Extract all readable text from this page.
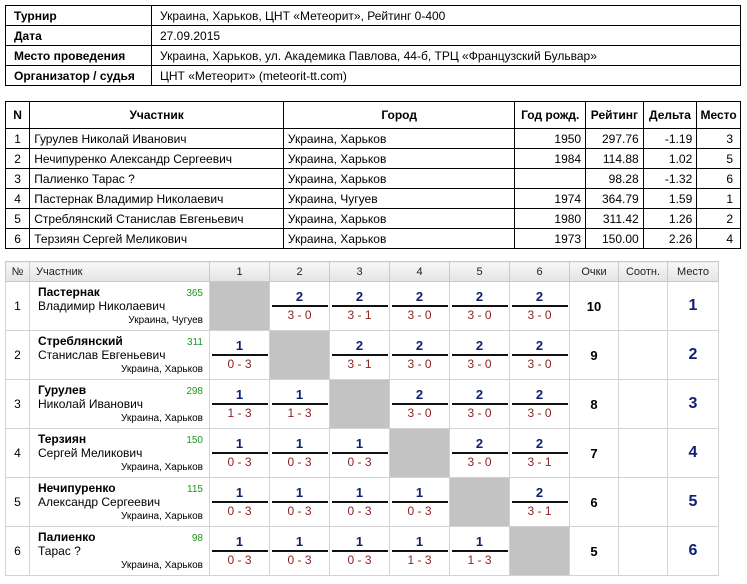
Турнир	Украина, Харьков, ЦНТ «Метеорит», Рейтинг 0-400
Дата	27.09.2015
Место проведения	Украина, Харьков, ул. Академика Павлова, 44-б, ТРЦ «Французский Бульвар»
Организатор / судья	ЦНТ «Метеорит» (meteorit-tt.com)
N	Участник	Город	Год рожд.	Рейтинг	Дельта	Место
1	Гурулев Николай Иванович	Украина, Харьков	1950	297.76	-1.19	3
2	Нечипуренко Александр Сергеевич	Украина, Харьков	1984	114.88	1.02	5
3	Палиенко Тарас ?	Украина, Харьков		98.28	-1.32	6
4	Пастернак Владимир Николаевич	Украина, Чугуев	1974	364.79	1.59	1
5	Стреблянский Станислав Евгеньевич	Украина, Харьков	1980	311.42	1.26	2
6	Терзиян Сергей Меликович	Украина, Харьков	1973	150.00	2.26	4
№	Участник	1	2	3	4	5	6	Очки	Соотн.	Место
1	Пастернак
Владимир Николаевич
365
Украина, Чугуев		$\frac{2}{3 - 0}$	$\frac{2}{3 - 1}$	$\frac{2}{3 - 0}$	$\frac{2}{3 - 0}$	$\frac{2}{3 - 0}$	10		1
2	Стреблянский
Станислав Евгеньевич
311
Украина, Харьков	$\frac{1}{0 - 3}$		$\frac{2}{3 - 1}$	$\frac{2}{3 - 0}$	$\frac{2}{3 - 0}$	$\frac{2}{3 - 0}$	9		2
3	Гурулев
Николай Иванович
298
Украина, Харьков	$\frac{1}{1 - 3}$	$\frac{1}{1 - 3}$		$\frac{2}{3 - 0}$	$\frac{2}{3 - 0}$	$\frac{2}{3 - 0}$	8		3
4	Терзиян
Сергей Меликович
150
Украина, Харьков	$\frac{1}{0 - 3}$	$\frac{1}{0 - 3}$	$\frac{1}{0 - 3}$		$\frac{2}{3 - 0}$	$\frac{2}{3 - 1}$	7		4
5	Нечипуренко
Александр Сергеевич
115
Украина, Харьков	$\frac{1}{0 - 3}$	$\frac{1}{0 - 3}$	$\frac{1}{0 - 3}$	$\frac{1}{0 - 3}$		$\frac{2}{3 - 1}$	6		5
6	Палиенко
Тарас ?
98
Украина, Харьков	$\frac{1}{0 - 3}$	$\frac{1}{0 - 3}$	$\frac{1}{0 - 3}$	$\frac{1}{1 - 3}$	$\frac{1}{1 - 3}$		5		6
